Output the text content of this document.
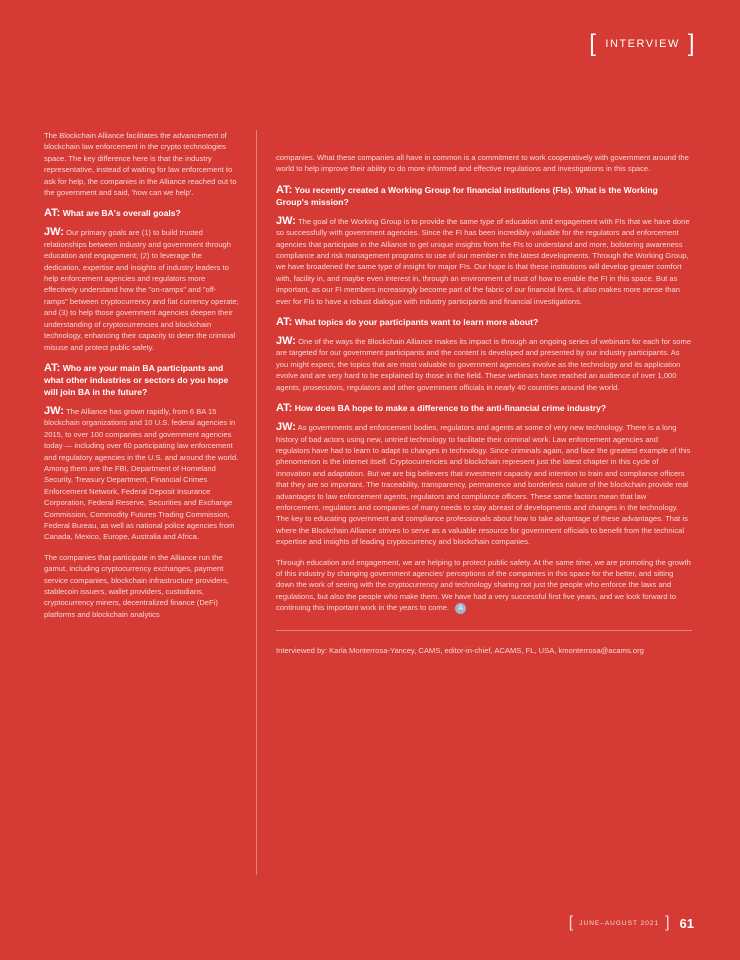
[ INTERVIEW ]

The Blockchain Alliance facilitates the advancement of blockchain law enforcement in the crypto technologies space. The key difference here is that the industry representative, instead of waiting for law enforcement to ask for help, the companies in the Alliance reached out to the government and said, 'how can we help'.

AT: What are BA's overall goals?

JW: Our primary goals are (1) to build trusted relationships between industry and government through education and engagement; (2) to leverage the dedication, expertise and insights of industry leaders to help enforcement agencies and regulators more effectively understand how the "on-ramps" and "off-ramps" between cryptocurrency and fiat currency operate; and (3) to help those government agencies deepen their understanding of cryptocurrencies and blockchain technology, enhancing their capacity to deter the criminal misuse and protect public safety.

AT: Who are your main BA participants and what other industries or sectors do you hope will join BA in the future?

JW: The Alliance has grown rapidly, from 6 BA 15 blockchain organizations and 10 U.S. federal agencies in 2015, to over 100 companies and government agencies today — including over 60 participating law enforcement and regulatory agencies in the U.S. and around the world. Among them are the FBI, Department of Homeland Security, Treasury Department, Financial Crimes Enforcement Network, Federal Deposit Insurance Corporation, Federal Reserve, Securities and Exchange Commission, Commodity Futures Trading Commission, Federal Bureau, as well as national police agencies from Canada, Mexico, Europe, Australia and Africa.

The companies that participate in the Alliance run the gamut, including cryptocurrency exchanges, payment service companies, blockchain infrastructure providers, stablecoin issuers, wallet providers, custodians, cryptocurrency miners, decentralized finance (DeFi) platforms and blockchain analytics

companies. What these companies all have in common is a commitment to work cooperatively with government around the world to help improve their ability to do more informed and effective regulations and investigations in this space.

AT: You recently created a Working Group for financial institutions (FIs). What is the Working Group's mission?

JW: The goal of the Working Group is to provide the same type of education and engagement with FIs that we have done so successfully with government agencies. Since the FI has been incredibly valuable for the regulators and enforcement agencies that participate in the Alliance to get unique insights from the FIs to understand and more, bolstering awareness compliance and risk management programs to use of our member in the latest developments. Through the Working Group, we have broadened the same type of insight for major FIs. Our hope is that these institutions will develop greater comfort with, facility in, and maybe even interest in, through an environment of trust of how to enable the FI in this space. But as important, as our FI members increasingly become part of the fabric of our financial lives, it also makes more sense than ever for FIs to have a robust dialogue with industry participants and financial investigations.

AT: What topics do your participants want to learn more about?

JW: One of the ways the Blockchain Alliance makes its impact is through an ongoing series of webinars for each for some are targeted for our government participants and the content is developed and presented by our industry participants. As you might expect, the topics that are most valuable to government agencies involve as the technology and its application evolve and are very hard to be explained by those in the field. These webinars have reached an audience of over 1,000 agents, prosecutors, regulators and other government officials in nearly 40 countries around the world.

AT: How does BA hope to make a difference to the anti-financial crime industry?

JW: As governments and enforcement bodies, regulators and agents at some of very new technology. There is a long history of bad actors using new, untried technology to facilitate their criminal work. Law enforcement agencies and regulators have had to learn to adapt to changes in technology. Since criminals again, and face the greatest example of this phenomenon is the internet itself. Cryptocurrencies and blockchain represent just the latest chapter in this cycle of innovation and adaptation. But we are big believers that investment capacity and intention to train and compliance officers that they are so important. The traceability, transparency, permanence and borderless nature of the blockchain provide real advantages to law enforcement agents, regulators and compliance officers. These same factors mean that law enforcement, regulators and companies of many needs to stay abreast of developments and changes in the technology. The key to educating government and compliance professionals about how to take advantage of these advantages. That is where the Blockchain Alliance strives to serve as a valuable resource for government officials to benefit from the technical expertise and insights of leading cryptocurrency and blockchain companies.

Through education and engagement, we are helping to protect public safety. At the same time, we are promoting the growth of this industry by changing government agencies' perceptions of the companies in this space for the better, and sitting down the work of seeing with the cryptocurrency and technology sharing not just the people who enforce the laws and regulations, but also the people who make them. We have had a very successful first five years, and we look forward to continuing this important work in the years to come. A

Interviewed by: Karla Monterrosa-Yancey, CAMS, editor-in-chief, ACAMS, FL, USA, kmonterrosa@acams.org

[ JUNE–AUGUST 2021 ] 61
